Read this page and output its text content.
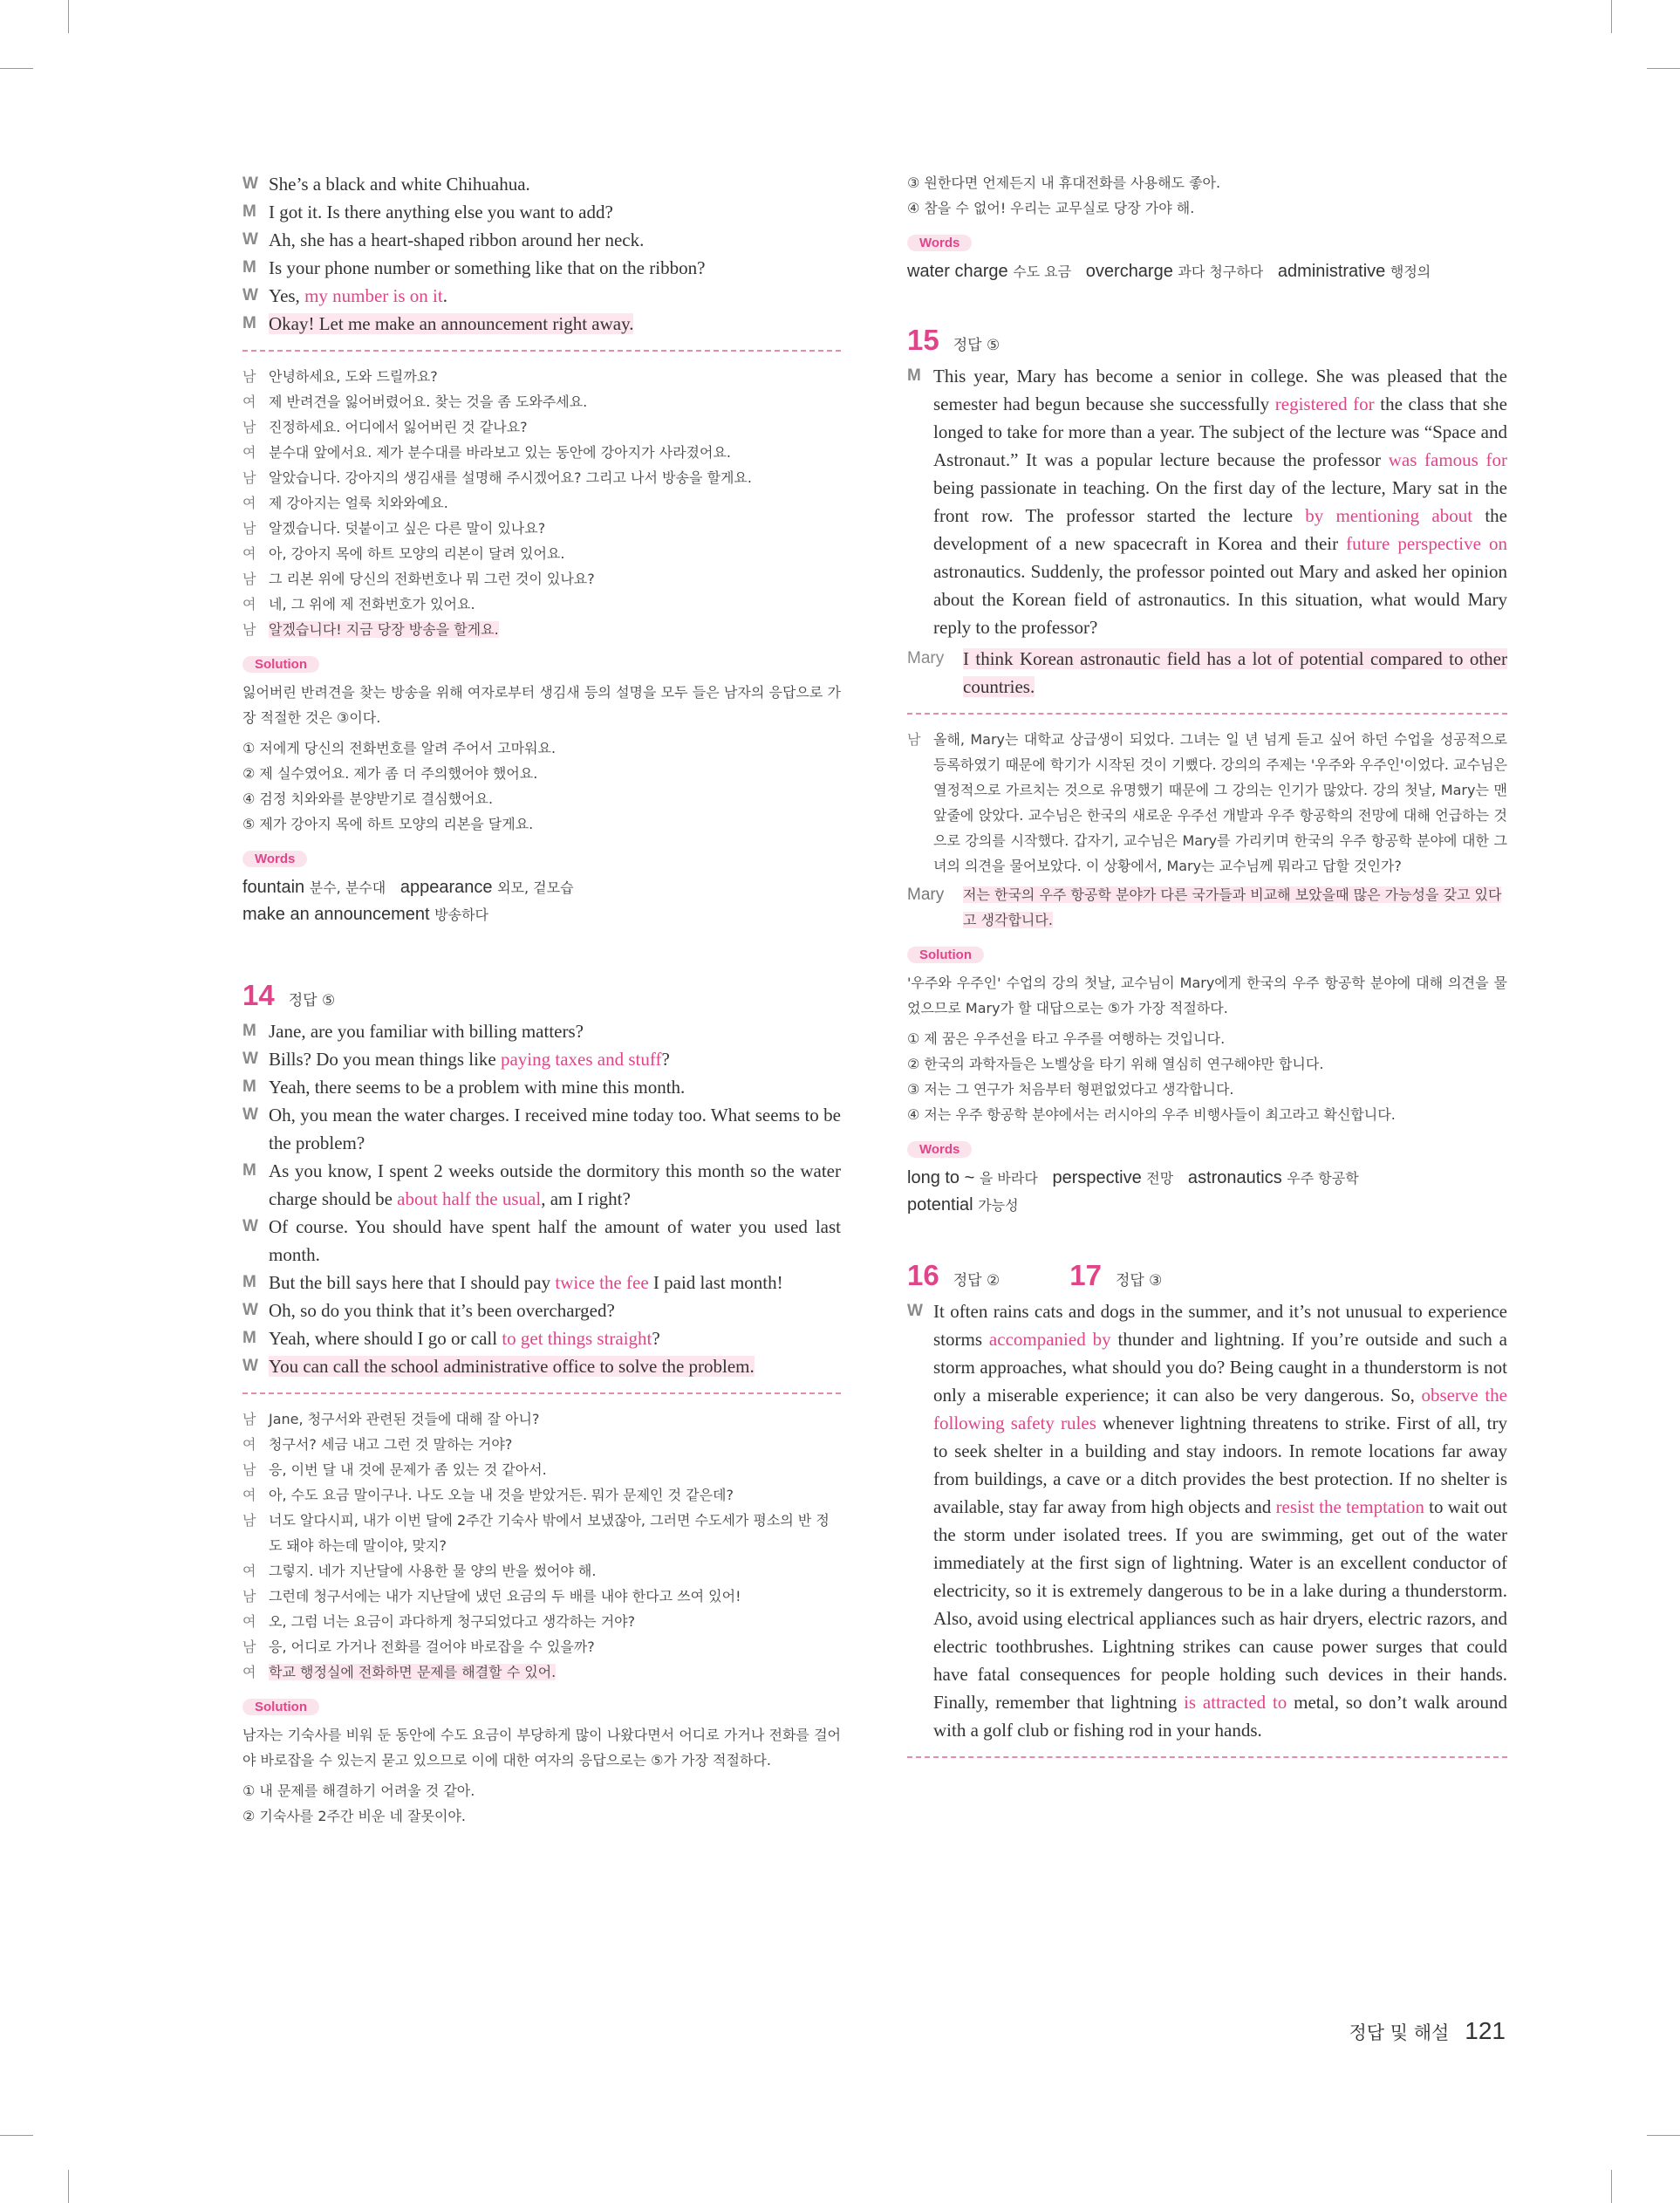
W She’s a black and white Chihuahua.
M I got it. Is there anything else you want to add?
W Ah, she has a heart-shaped ribbon around her neck.
M Is your phone number or something like that on the ribbon?
W Yes, my number is on it.
M Okay! Let me make an announcement right away.
남 안녕하세요, 도와 드릴까요?
여 제 반려견을 잃어버렸어요. 찾는 것을 좀 도와주세요.
남 진정하세요. 어디에서 잃어버린 것 같나요?
여 분수대 앞에서요. 제가 분수대를 바라보고 있는 동안에 강아지가 사라졌어요.
남 알았습니다. 강아지의 생김새를 설명해 주시겠어요? 그리고 나서 방송을 할게요.
여 제 강아지는 얼룩 치와와예요.
남 알겠습니다. 덧붙이고 싶은 다른 말이 있나요?
여 아, 강아지 목에 하트 모양의 리본이 달려 있어요.
남 그 리본 위에 당신의 전화번호나 뭐 그런 것이 있나요?
여 네, 그 위에 제 전화번호가 있어요.
남 알겠습니다! 지금 당장 방송을 할게요.
Solution
잃어버린 반려견을 찾는 방송을 위해 여자로부터 생김새 등의 설명을 모두 들은 남자의 응답으로 가장 적절한 것은 ③이다.
① 저에게 당신의 전화번호를 알려 주어서 고마워요.
② 제 실수였어요. 제가 좀 더 주의했어야 했어요.
④ 검정 치와와를 분양받기로 결심했어요.
⑤ 제가 강아지 목에 하트 모양의 리본을 달게요.
Words
fountain 분수, 분수대 appearance 외모, 겉모습
make an announcement 방송하다
14 정답 ⑤
M Jane, are you familiar with billing matters?
W Bills? Do you mean things like paying taxes and stuff?
M Yeah, there seems to be a problem with mine this month.
W Oh, you mean the water charges. I received mine today too. What seems to be the problem?
M As you know, I spent 2 weeks outside the dormitory this month so the water charge should be about half the usual, am I right?
W Of course. You should have spent half the amount of water you used last month.
M But the bill says here that I should pay twice the fee I paid last month!
W Oh, so do you think that it’s been overcharged?
M Yeah, where should I go or call to get things straight?
W You can call the school administrative office to solve the problem.
남 Jane, 청구서와 관련된 것들에 대해 잘 아니?
여 청구서? 세금 내고 그런 것 말하는 거야?
남 응, 이번 달 내 것에 문제가 좀 있는 것 같아서.
여 아, 수도 요금 말이구나. 나도 오늘 내 것을 받았거든. 뭐가 문제인 것 같은데?
남 너도 알다시피, 내가 이번 달에 2주간 기숙사 밖에서 보냈잖아, 그러면 수도세가 평소의 반 정도 돼야 하는데 말이야, 맞지?
여 그렇지. 네가 지난달에 사용한 물 양의 반을 썼어야 해.
남 그런데 청구서에는 내가 지난달에 냈던 요금의 두 배를 내야 한다고 쓰여 있어!
여 오, 그럼 너는 요금이 과다하게 청구되었다고 생각하는 거야?
남 응, 어디로 가거나 전화를 걸어야 바로잡을 수 있을까?
여 학교 행정실에 전화하면 문제를 해결할 수 있어.
Solution
남자는 기숙사를 비워 둔 동안에 수도 요금이 부당하게 많이 나왔다면서 어디로 가거나 전화를 걸어야 바로잡을 수 있는지 묻고 있으므로 이에 대한 여자의 응답으로는 ⑤가 가장 적절하다.
① 내 문제를 해결하기 어려울 것 같아.
② 기숙사를 2주간 비운 네 잘못이야.
③ 원한다면 언제든지 내 휴대전화를 사용해도 좋아.
④ 참을 수 없어! 우리는 교무실로 당장 가야 해.
Words
water charge 수도 요금 overcharge 과다 청구하다 administrative 행정의
15 정답 ⑤
M This year, Mary has become a senior in college. She was pleased that the semester had begun because she successfully registered for the class that she longed to take for more than a year. The subject of the lecture was “Space and Astronaut.” It was a popular lecture because the professor was famous for being passionate in teaching. On the first day of the lecture, Mary sat in the front row. The professor started the lecture by mentioning about the development of a new spacecraft in Korea and their future perspective on astronautics. Suddenly, the professor pointed out Mary and asked her opinion about the Korean field of astronautics. In this situation, what would Mary reply to the professor?
Mary	I think Korean astronautic field has a lot of potential compared to other countries.
남 올해, Mary는 대학교 상급생이 되었다. 그녀는 일 년 넘게 듣고 싶어 하던 수업을 성공적으로 등록하였기 때문에 학기가 시작된 것이 기뻤다. 강의의 주제는 '우주와 우주인'이었다. 교수님은 열정적으로 가르치는 것으로 유명했기 때문에 그 강의는 인기가 많았다. 강의 첫날, Mary는 맨 앞줄에 앉았다. 교수님은 한국의 새로운 우주선 개발과 우주 항공학의 전망에 대해 언급하는 것으로 강의를 시작했다. 갑자기, 교수님은 Mary를 가리키며 한국의 우주 항공학 분야에 대한 그녀의 의견을 물어보았다. 이 상황에서, Mary는 교수님께 뭐라고 답할 것인가?
Mary	저는 한국의 우주 항공학 분야가 다른 국가들과 비교해 보았을때 많은 가능성을 갖고 있다고 생각합니다.
Solution
'우주와 우주인' 수업의 강의 첫날, 교수님이 Mary에게 한국의 우주 항공학 분야에 대해 의견을 물었으므로 Mary가 할 대답으로는 ⑤가 가장 적절하다.
① 제 꿈은 우주선을 타고 우주를 여행하는 것입니다.
② 한국의 과학자들은 노벨상을 타기 위해 열심히 연구해야만 합니다.
③ 저는 그 연구가 처음부터 형편없었다고 생각합니다.
④ 저는 우주 항공학 분야에서는 러시아의 우주 비행사들이 최고라고 확신합니다.
Words
long to ~ 을 바라다 perspective 전망 astronautics 우주 항공학
potential 가능성
16 정답 ② 17 정답 ③
W It often rains cats and dogs in the summer, and it’s not unusual to experience storms accompanied by thunder and lightning. If you’re outside and such a storm approaches, what should you do? Being caught in a thunderstorm is not only a miserable experience; it can also be very dangerous. So, observe the following safety rules whenever lightning threatens to strike. First of all, try to seek shelter in a building and stay indoors. In remote locations far away from buildings, a cave or a ditch provides the best protection. If no shelter is available, stay far away from high objects and resist the temptation to wait out the storm under isolated trees. If you are swimming, get out of the water immediately at the first sign of lightning. Water is an excellent conductor of electricity, so it is extremely dangerous to be in a lake during a thunderstorm. Also, avoid using electrical appliances such as hair dryers, electric razors, and electric toothbrushes. Lightning strikes can cause power surges that could have fatal consequences for people holding such devices in their hands. Finally, remember that lightning is attracted to metal, so don’t walk around with a golf club or fishing rod in your hands.
정답 및 해설 121
